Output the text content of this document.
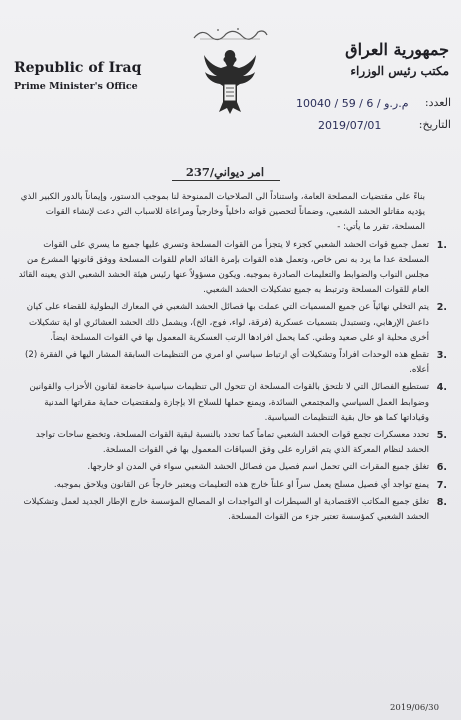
Republic of Iraq
Prime Minister's Office
جمهورية العراق
مكتب رئيس الوزراء
العدد:
10040 / 59 / م.ر.و / 6
التاريخ:
2019/07/01
امر ديواني/237

بناءً على مقتضيات المصلحة العامة، واستناداً الى الصلاحيات الممنوحة لنا بموجب الدستور، وإيماناً بالدور الكبير الذي يؤديه مقاتلو الحشد الشعبي، وضماناً لتحصين قواته داخلياً وخارجياً ومراعاة للاسباب التي دعت لإنشاء القوات المسلحة، تقرر ما يأتي: -

1.
تعمل جميع قوات الحشد الشعبي كجزء لا يتجزأ من القوات المسلحة وتسري عليها جميع ما يسري على القوات المسلحة عدا ما يرد به نص خاص، وتعمل هذه القوات بإمرة القائد العام للقوات المسلحة ووفق قانونها المشرع من مجلس النواب والضوابط والتعليمات الصادرة بموجبه. ويكون مسؤولاً عنها رئيس هيئة الحشد الشعبي الذي يعينه القائد العام للقوات المسلحة وترتبط به جميع تشكيلات الحشد الشعبي.
2.
يتم التخلي نهائياً عن جميع المسميات التي عملت بها فصائل الحشد الشعبي في المعارك البطولية للقضاء على كيان داعش الإرهابي، وتستبدل بتسميات عسكرية (فرقة، لواء، فوج، الخ)، ويشمل ذلك الحشد العشائري او اية تشكيلات أخرى محلية او على صعيد وطني. كما يحمل افرادها الرتب العسكرية المعمول بها في القوات المسلحة ايضاً.
3.
تقطع هذه الوحدات افراداً وتشكيلات أي ارتباط سياسي او امري من التنظيمات السابقة المشار اليها في الفقرة (2) أعلاه.
4.
تستطيع الفصائل التي لا تلتحق بالقوات المسلحة ان تتحول الى تنظيمات سياسية خاضعة لقانون الأحزاب والقوانين وضوابط العمل السياسي والمجتمعي السائدة، ويمنع حملها للسلاح الا بإجازة ولمقتضيات حماية مقراتها المدنية وقياداتها كما هو حال بقية التنظيمات السياسية.
5.
تحدد معسكرات تجمع قوات الحشد الشعبي تماماً كما تحدد بالنسبة لبقية القوات المسلحة، وتخضع ساحات تواجد الحشد لنظام المعركة الذي يتم اقراره على وفق السياقات المعمول بها في القوات المسلحة.
6.
تغلق جميع المقرات التي تحمل اسم فصيل من فصائل الحشد الشعبي سواء في المدن او خارجها.
7.
يمنع تواجد أي فصيل مسلح يعمل سراً او علناً خارج هذه التعليمات ويعتبر خارجاً عن القانون ويلاحق بموجبه.
8.
تغلق جميع المكاتب الاقتصادية او السيطرات او التواجدات او المصالح المؤسسة خارج الإطار الجديد لعمل وتشكيلات الحشد الشعبي كمؤسسة تعتبر جزء من القوات المسلحة.
2019/06/30
